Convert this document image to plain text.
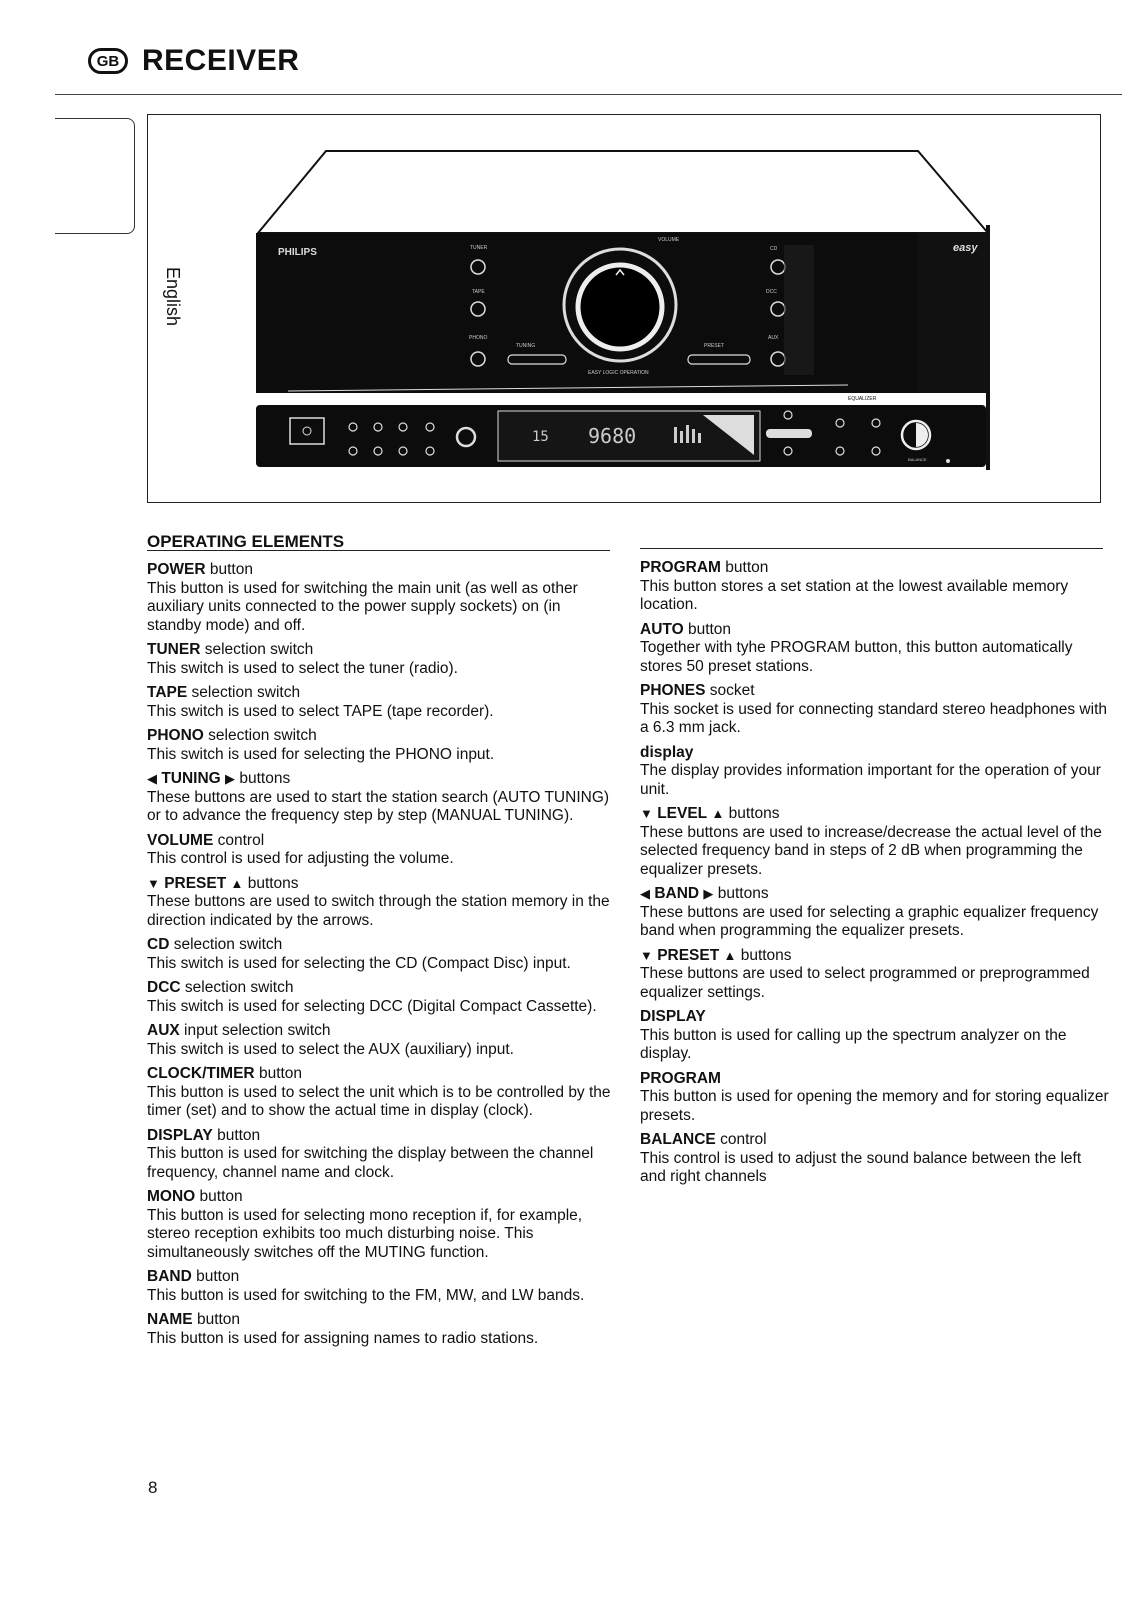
GB RECEIVER
English
PHILIPS	easy
TUNER
TAPE
PHONO
TUNING
VOLUME
PRESET
CD
DCC
AUX
EASY LOGIC OPERATION
EQUALIZER
15 9680
BALANCE
OPERATING ELEMENTS
POWER button
This button is used for switching the main unit (as well as other auxiliary units connected to the power supply sockets) on (in standby mode) and off.
TUNER selection switch
This switch is used to select the tuner (radio).
TAPE selection switch
This switch is used to select TAPE (tape recorder).
PHONO selection switch
This switch is used for selecting the PHONO input.
◀ TUNING ▶ buttons
These buttons are used to start the station search (AUTO TUNING) or to advance the frequency step by step (MANUAL TUNING).
VOLUME control
This control is used for adjusting the volume.
▼ PRESET ▲ buttons
These buttons are used to switch through the station memory in the direction indicated by the arrows.
CD selection switch
This switch is used for selecting the CD (Compact Disc) input.
DCC selection switch
This switch is used for selecting DCC (Digital Compact Cassette).
AUX input selection switch
This switch is used to select the AUX (auxiliary) input.
CLOCK/TIMER button
This button is used to select the unit which is to be controlled by the timer (set) and to show the actual time in display (clock).
DISPLAY button
This button is used for switching the display between the channel frequency, channel name and clock.
MONO button
This button is used for selecting mono reception if, for example, stereo reception exhibits too much disturbing noise. This simultaneously switches off the MUTING function.
BAND button
This button is used for switching to the FM, MW, and LW bands.
NAME button
This button is used for assigning names to radio stations.
PROGRAM button
This button stores a set station at the lowest available memory location.
AUTO button
Together with tyhe PROGRAM button, this button automatically stores 50 preset stations.
PHONES socket
This socket is used for connecting standard stereo headphones with a 6.3 mm jack.
display
The display provides information important for the operation of your unit.
▼ LEVEL ▲ buttons
These buttons are used to increase/decrease the actual level of the selected frequency band in steps of 2 dB when programming the equalizer presets.
◀ BAND ▶ buttons
These buttons are used for selecting a graphic equalizer frequency band when programming the equalizer presets.
▼ PRESET ▲ buttons
These buttons are used to select programmed or preprogrammed equalizer settings.
DISPLAY
This button is used for calling up the spectrum analyzer on the display.
PROGRAM
This button is used for opening the memory and for storing equalizer presets.
BALANCE control
This control is used to adjust the sound balance between the left and right channels
8
